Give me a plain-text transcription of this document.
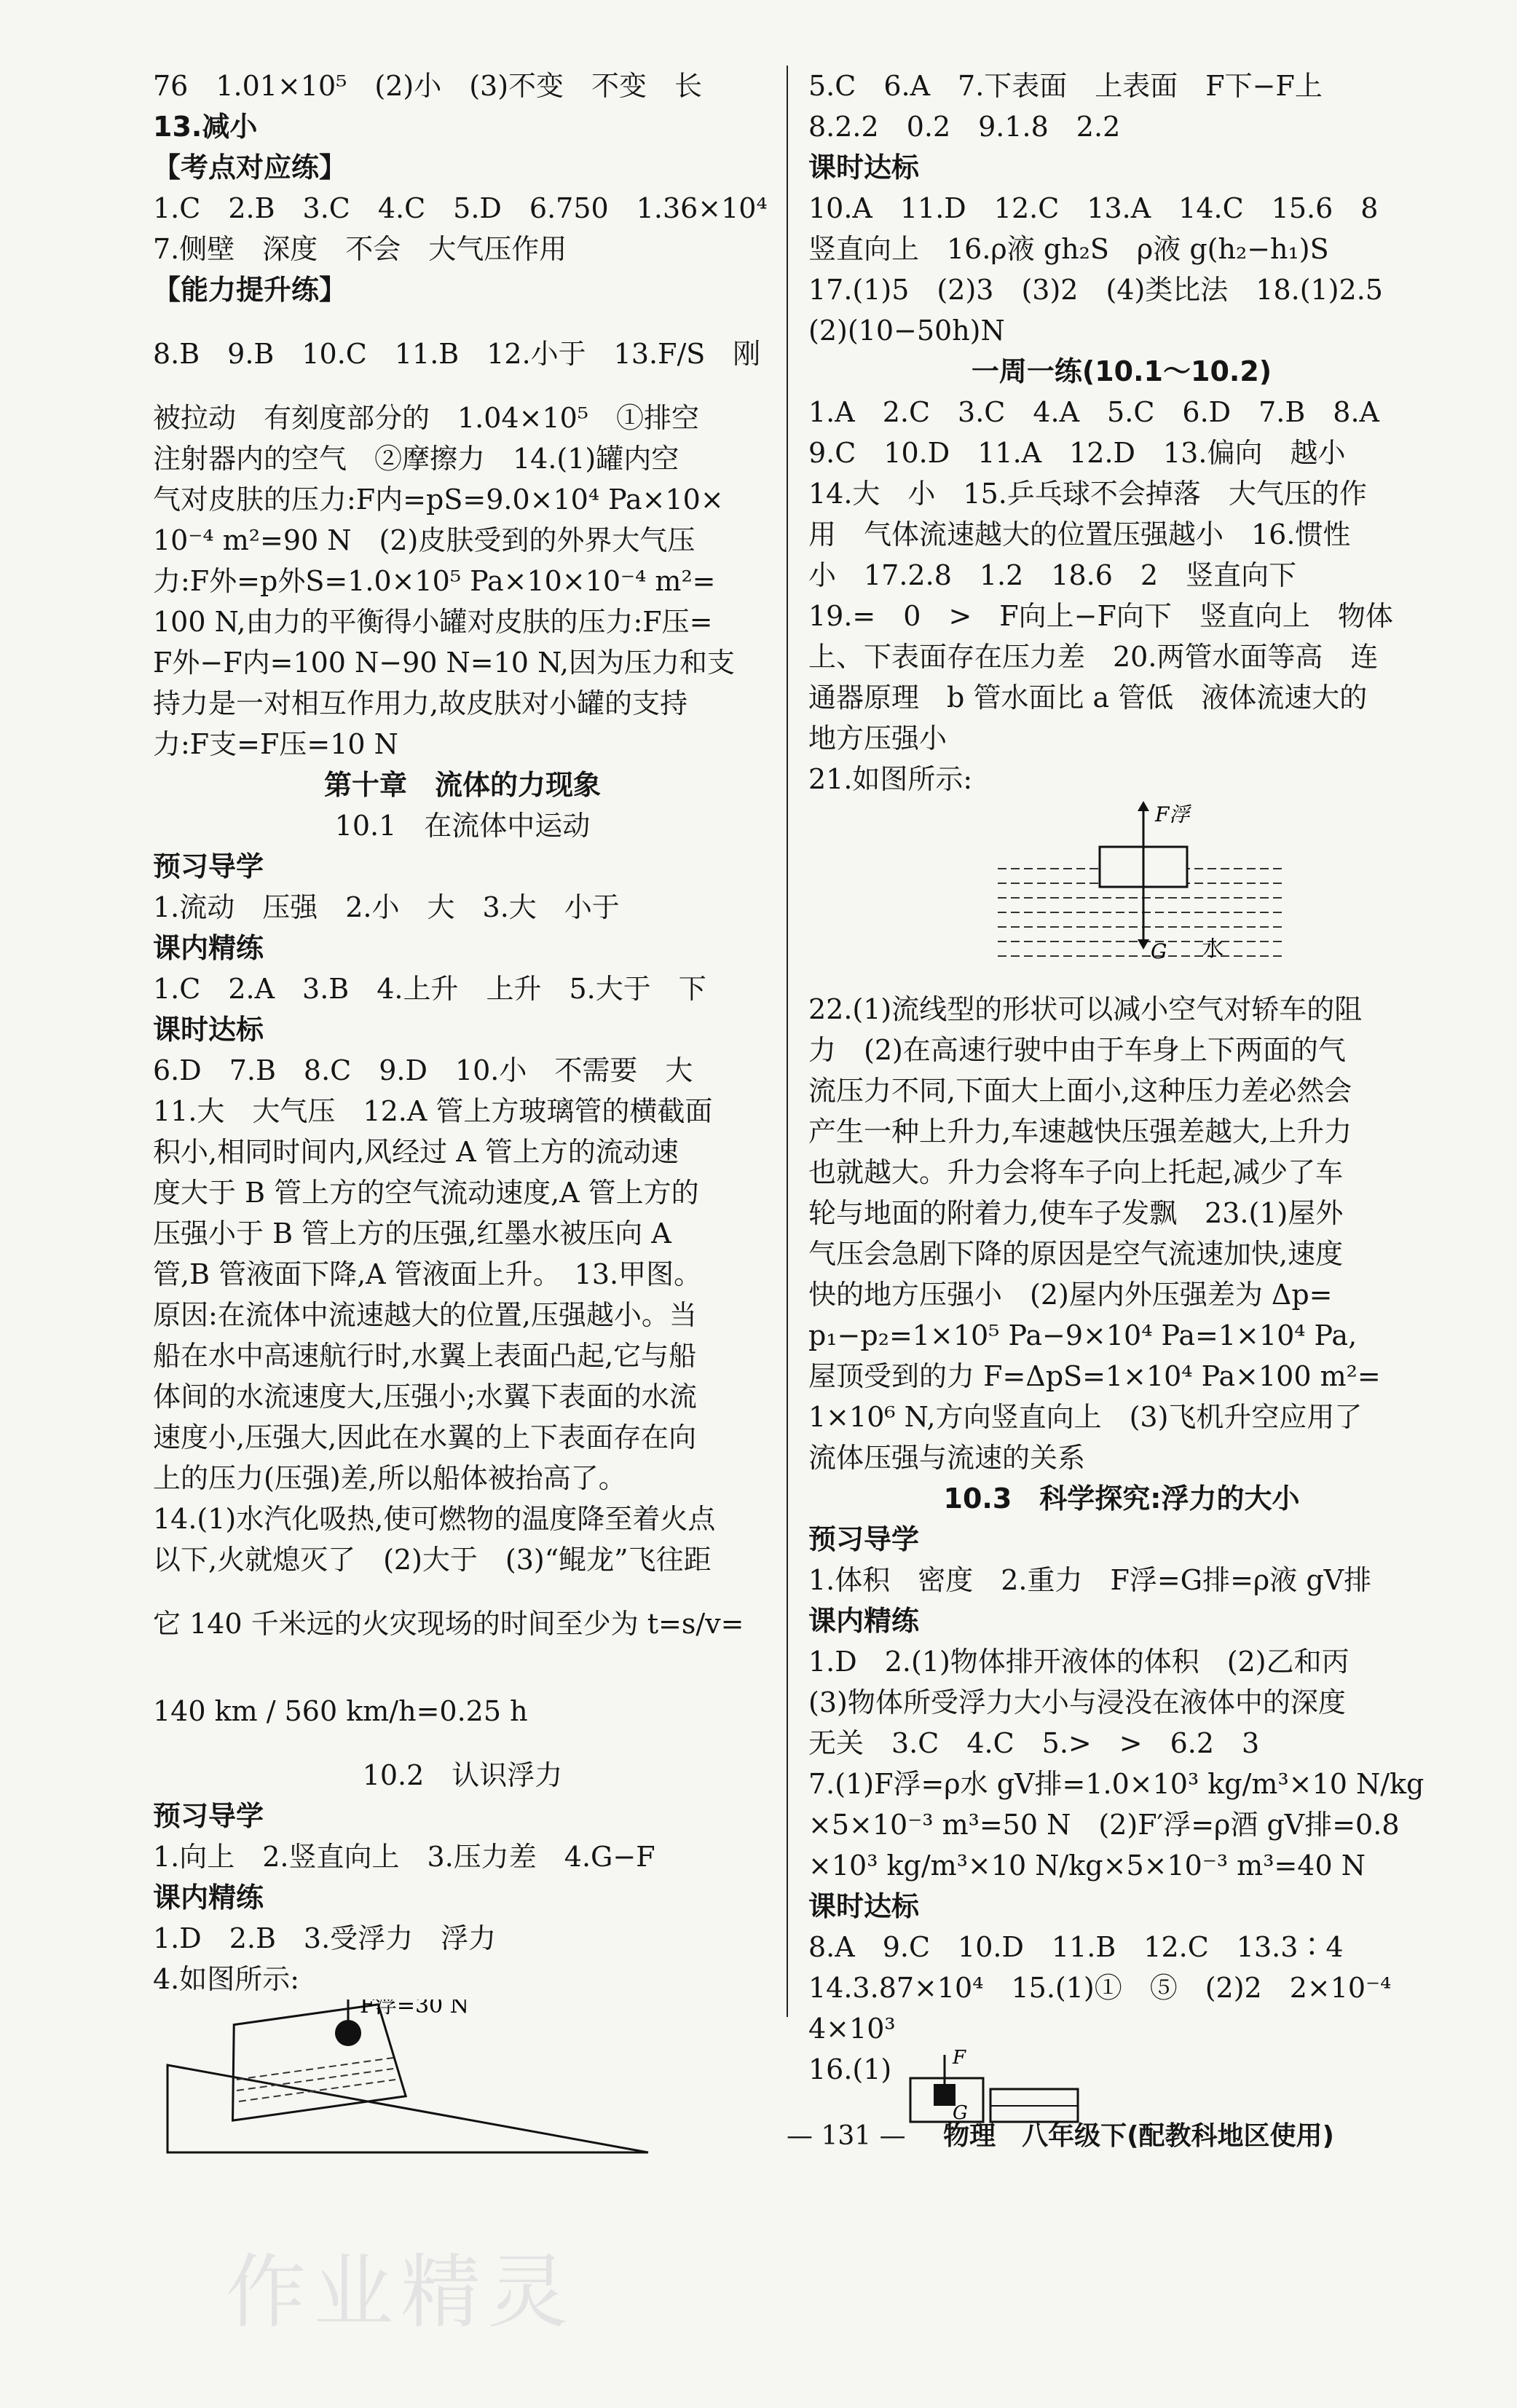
76　1.01×10⁵　(2)小　(3)不变　不变　长
13.减小
【考点对应练】
1.C　2.B　3.C　4.C　5.D　6.750　1.36×10⁴
7.侧壁　深度　不会　大气压作用
【能力提升练】
8.B　9.B　10.C　11.B　12.小于　13.F/S　刚
被拉动　有刻度部分的　1.04×10⁵　①排空
注射器内的空气　②摩擦力　14.(1)罐内空
气对皮肤的压力:F内=pS=9.0×10⁴ Pa×10×
10⁻⁴ m²=90 N　(2)皮肤受到的外界大气压
力:F外=p外S=1.0×10⁵ Pa×10×10⁻⁴ m²=
100 N,由力的平衡得小罐对皮肤的压力:F压=
F外−F内=100 N−90 N=10 N,因为压力和支
持力是一对相互作用力,故皮肤对小罐的支持
力:F支=F压=10 N
第十章　流体的力现象
10.1　在流体中运动
预习导学
1.流动　压强　2.小　大　3.大　小于
课内精练
1.C　2.A　3.B　4.上升　上升　5.大于　下
课时达标
6.D　7.B　8.C　9.D　10.小　不需要　大
11.大　大气压　12.A 管上方玻璃管的横截面
积小,相同时间内,风经过 A 管上方的流动速
度大于 B 管上方的空气流动速度,A 管上方的
压强小于 B 管上方的压强,红墨水被压向 A
管,B 管液面下降,A 管液面上升。　13.甲图。
原因:在流体中流速越大的位置,压强越小。当
船在水中高速航行时,水翼上表面凸起,它与船
体间的水流速度大,压强小;水翼下表面的水流
速度小,压强大,因此在水翼的上下表面存在向
上的压力(压强)差,所以船体被抬高了。
14.(1)水汽化吸热,使可燃物的温度降至着火点
以下,火就熄灭了　(2)大于　(3)“鲲龙”飞往距
它 140 千米远的火灾现场的时间至少为 t=s/v=
140 km / 560 km/h=0.25 h
10.2　认识浮力
预习导学
1.向上　2.竖直向上　3.压力差　4.G−F
课内精练
1.D　2.B　3.受浮力　浮力
4.如图所示:
F浮=30 N
5.C　6.A　7.下表面　上表面　F下−F上
8.2.2　0.2　9.1.8　2.2
课时达标
10.A　11.D　12.C　13.A　14.C　15.6　8
竖直向上　16.ρ液 gh₂S　ρ液 g(h₂−h₁)S
17.(1)5　(2)3　(3)2　(4)类比法　18.(1)2.5
(2)(10−50h)N
一周一练(10.1～10.2)
1.A　2.C　3.C　4.A　5.C　6.D　7.B　8.A
9.C　10.D　11.A　12.D　13.偏向　越小
14.大　小　15.乒乓球不会掉落　大气压的作
用　气体流速越大的位置压强越小　16.惯性
小　17.2.8　1.2　18.6　2　竖直向下
19.=　0　>　F向上−F向下　竖直向上　物体
上、下表面存在压力差　20.两管水面等高　连
通器原理　b 管水面比 a 管低　液体流速大的
地方压强小
21.如图所示:
F浮
G 水
22.(1)流线型的形状可以减小空气对轿车的阻
力　(2)在高速行驶中由于车身上下两面的气
流压力不同,下面大上面小,这种压力差必然会
产生一种上升力,车速越快压强差越大,上升力
也就越大。升力会将车子向上托起,减少了车
轮与地面的附着力,使车子发飘　23.(1)屋外
气压会急剧下降的原因是空气流速加快,速度
快的地方压强小　(2)屋内外压强差为 Δp=
p₁−p₂=1×10⁵ Pa−9×10⁴ Pa=1×10⁴ Pa,
屋顶受到的力 F=ΔpS=1×10⁴ Pa×100 m²=
1×10⁶ N,方向竖直向上　(3)飞机升空应用了
流体压强与流速的关系
10.3　科学探究:浮力的大小
预习导学
1.体积　密度　2.重力　F浮=G排=ρ液 gV排
课内精练
1.D　2.(1)物体排开液体的体积　(2)乙和丙
(3)物体所受浮力大小与浸没在液体中的深度
无关　3.C　4.C　5.>　>　6.2　3
7.(1)F浮=ρ水 gV排=1.0×10³ kg/m³×10 N/kg
×5×10⁻³ m³=50 N　(2)F′浮=ρ酒 gV排=0.8
×10³ kg/m³×10 N/kg×5×10⁻³ m³=40 N
课时达标
8.A　9.C　10.D　11.B　12.C　13.3∶4
14.3.87×10⁴　15.(1)①　⑤　(2)2　2×10⁻⁴
4×10³
16.(1)	F
G
— 131 — 物理　八年级下(配教科地区使用)
作业精灵
